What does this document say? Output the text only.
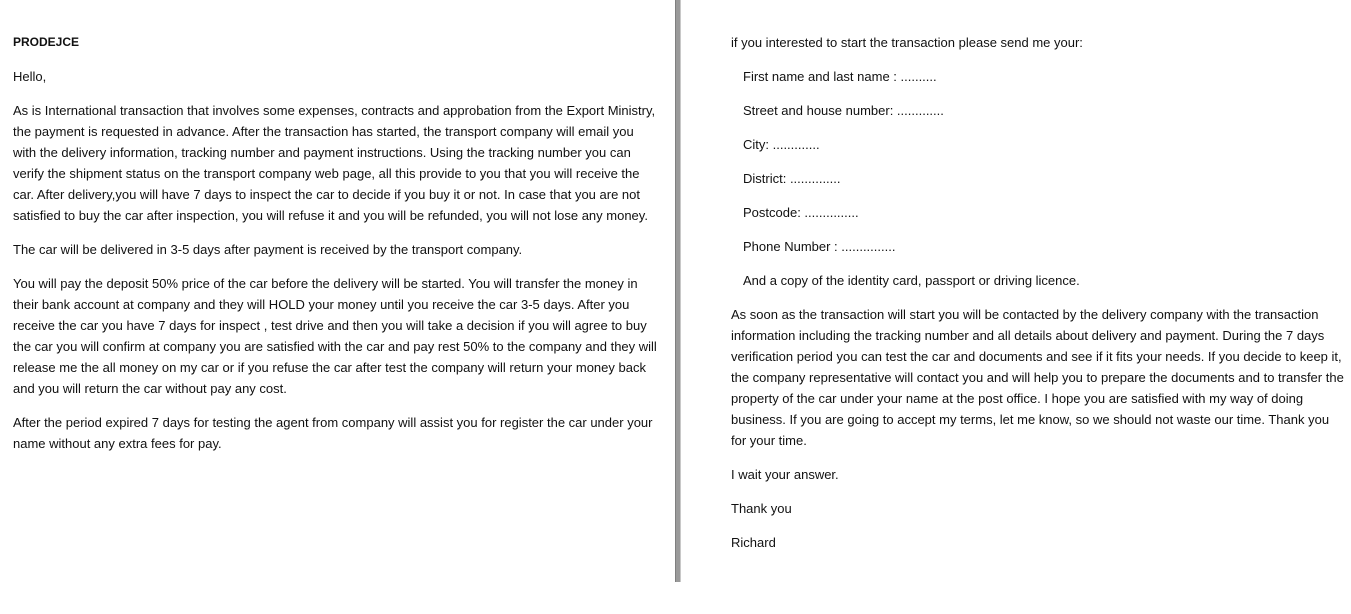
PRODEJCE

Hello,

As is International transaction that involves some expenses, contracts and approbation from the Export Ministry, the payment is requested in advance. After the transaction has started, the transport company will email you with the delivery information, tracking number and payment instructions. Using the tracking number you can verify the shipment status on the transport company web page, all this provide to you that you will receive the car. After delivery,you will have 7 days to inspect the car to decide if you buy it or not. In case that you are not satisfied to buy the car after inspection, you will refuse it and you will be refunded, you will not lose any money.

The car will be delivered in 3-5 days after payment is received by the transport company.

You will pay the deposit 50% price of the car before the delivery will be started. You will transfer the money in their bank account at company and they will HOLD your money until you receive the car 3-5 days. After you receive the car you have 7 days for inspect , test drive and then you will take a decision if you will agree to buy the car you will confirm at company you are satisfied with the car and pay rest 50% to the company and they will release me the all money on my car or if you refuse the car after test the company will return your money back and you will return the car without pay any cost.

After the period expired 7 days for testing the agent from company will assist you for register the car under your name without any extra fees for pay.

if you interested to start the transaction please send me your:

First name and last name : ..........

Street and house number: .............

City: .............

District: ..............

Postcode: ...............

Phone Number : ...............

And a copy of the identity card, passport or driving licence.

As soon as the transaction will start you will be contacted by the delivery company with the transaction information including the tracking number and all details about delivery and payment. During the 7 days verification period you can test the car and documents and see if it fits your needs. If you decide to keep it, the company representative will contact you and will help you to prepare the documents and to transfer the property of the car under your name at the post office. I hope you are satisfied with my way of doing business. If you are going to accept my terms, let me know, so we should not waste our time. Thank you for your time.

I wait your answer.

Thank you

Richard
